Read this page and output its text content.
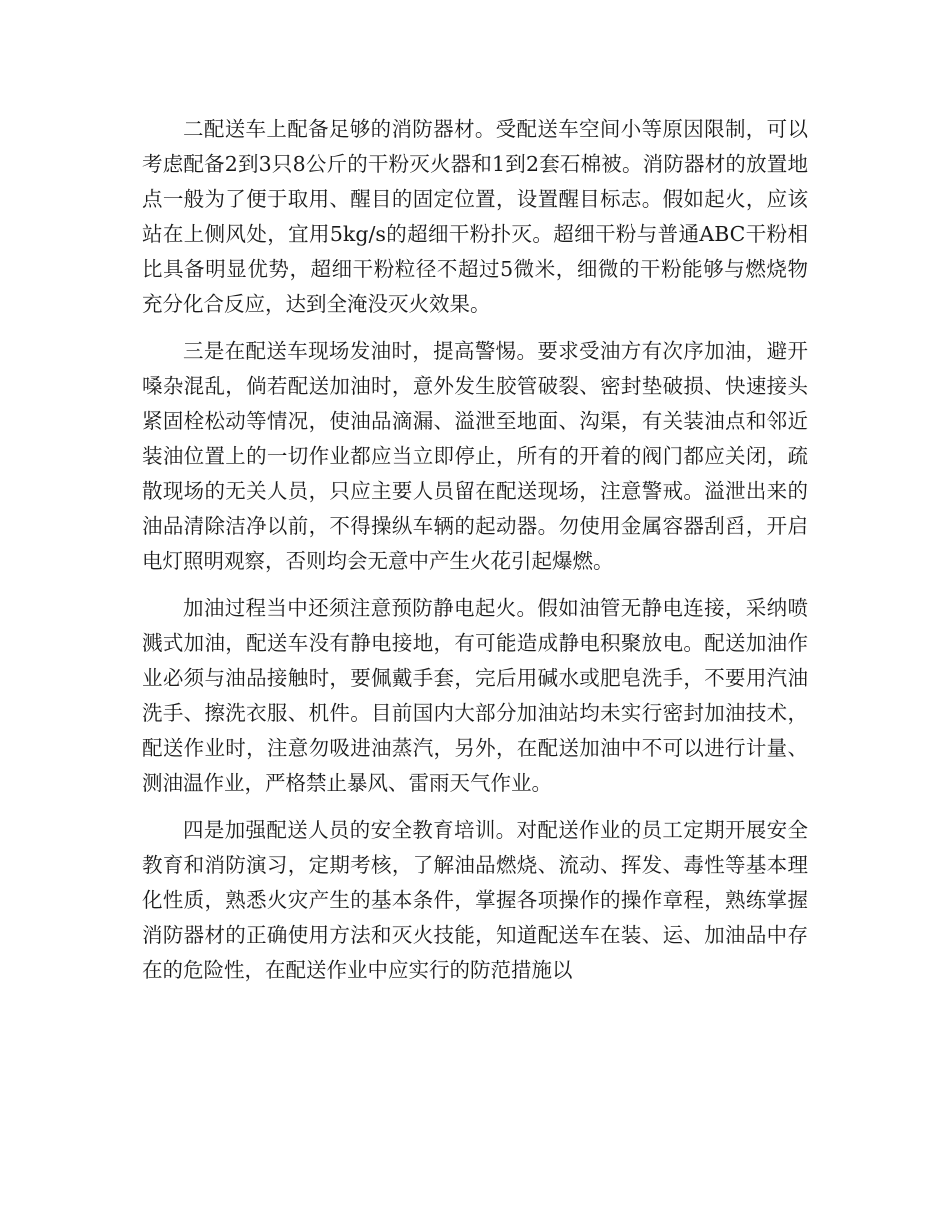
二配送车上配备足够的消防器材。受配送车空间小等原因限制，可以考虑配备2到3只8公斤的干粉灭火器和1到2套石棉被。消防器材的放置地点一般为了便于取用、醒目的固定位置，设置醒目标志。假如起火，应该站在上侧风处，宜用5kg/s的超细干粉扑灭。超细干粉与普通ABC干粉相比具备明显优势，超细干粉粒径不超过5微米，细微的干粉能够与燃烧物充分化合反应，达到全淹没灭火效果。

三是在配送车现场发油时，提高警惕。要求受油方有次序加油，避开嗓杂混乱，倘若配送加油时，意外发生胶管破裂、密封垫破损、快速接头紧固栓松动等情况，使油品滴漏、溢泄至地面、沟渠，有关装油点和邻近装油位置上的一切作业都应当立即停止，所有的开着的阀门都应关闭，疏散现场的无关人员，只应主要人员留在配送现场，注意警戒。溢泄出来的油品清除洁净以前，不得操纵车辆的起动器。勿使用金属容器刮舀，开启电灯照明观察，否则均会无意中产生火花引起爆燃。

加油过程当中还须注意预防静电起火。假如油管无静电连接，采纳喷溅式加油，配送车没有静电接地，有可能造成静电积聚放电。配送加油作业必须与油品接触时，要佩戴手套，完后用碱水或肥皂洗手，不要用汽油洗手、擦洗衣服、机件。目前国内大部分加油站均未实行密封加油技术，配送作业时，注意勿吸进油蒸汽，另外，在配送加油中不可以进行计量、测油温作业，严格禁止暴风、雷雨天气作业。

四是加强配送人员的安全教育培训。对配送作业的员工定期开展安全教育和消防演习，定期考核，了解油品燃烧、流动、挥发、毒性等基本理化性质，熟悉火灾产生的基本条件，掌握各项操作的操作章程，熟练掌握消防器材的正确使用方法和灭火技能，知道配送车在装、运、加油品中存在的危险性，在配送作业中应实行的防范措施以
